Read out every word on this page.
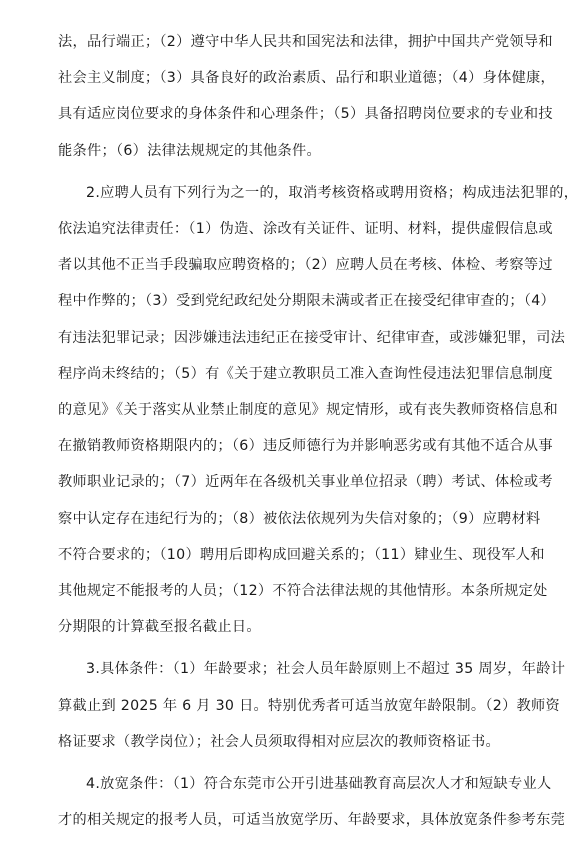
法，品行端正；（2）遵守中华人民共和国宪法和法律，拥护中国共产党领导和
社会主义制度；（3）具备良好的政治素质、品行和职业道德；（4）身体健康，
具有适应岗位要求的身体条件和心理条件；（5）具备招聘岗位要求的专业和技
能条件；（6）法律法规规定的其他条件。

2.应聘人员有下列行为之一的，取消考核资格或聘用资格；构成违法犯罪的，
依法追究法律责任：（1）伪造、涂改有关证件、证明、材料，提供虚假信息或
者以其他不正当手段骗取应聘资格的；（2）应聘人员在考核、体检、考察等过
程中作弊的；（3）受到党纪政纪处分期限未满或者正在接受纪律审查的；（4）
有违法犯罪记录；因涉嫌违法违纪正在接受审计、纪律审查，或涉嫌犯罪，司法
程序尚未终结的；（5）有《关于建立教职员工准入查询性侵违法犯罪信息制度
的意见》《关于落实从业禁止制度的意见》规定情形，或有丧失教师资格信息和
在撤销教师资格期限内的；（6）违反师德行为并影响恶劣或有其他不适合从事
教师职业记录的；（7）近两年在各级机关事业单位招录（聘）考试、体检或考
察中认定存在违纪行为的；（8）被依法依规列为失信对象的；（9）应聘材料
不符合要求的；（10）聘用后即构成回避关系的；（11）肄业生、现役军人和
其他规定不能报考的人员；（12）不符合法律法规的其他情形。本条所规定处
分期限的计算截至报名截止日。

3.具体条件：（1）年龄要求；社会人员年龄原则上不超过 35 周岁，年龄计
算截止到 2025 年 6 月 30 日。特别优秀者可适当放宽年龄限制。（2）教师资
格证要求（教学岗位）；社会人员须取得相对应层次的教师资格证书。

4.放宽条件：（1）符合东莞市公开引进基础教育高层次人才和短缺专业人
才的相关规定的报考人员，可适当放宽学历、年龄要求，具体放宽条件参考东莞
